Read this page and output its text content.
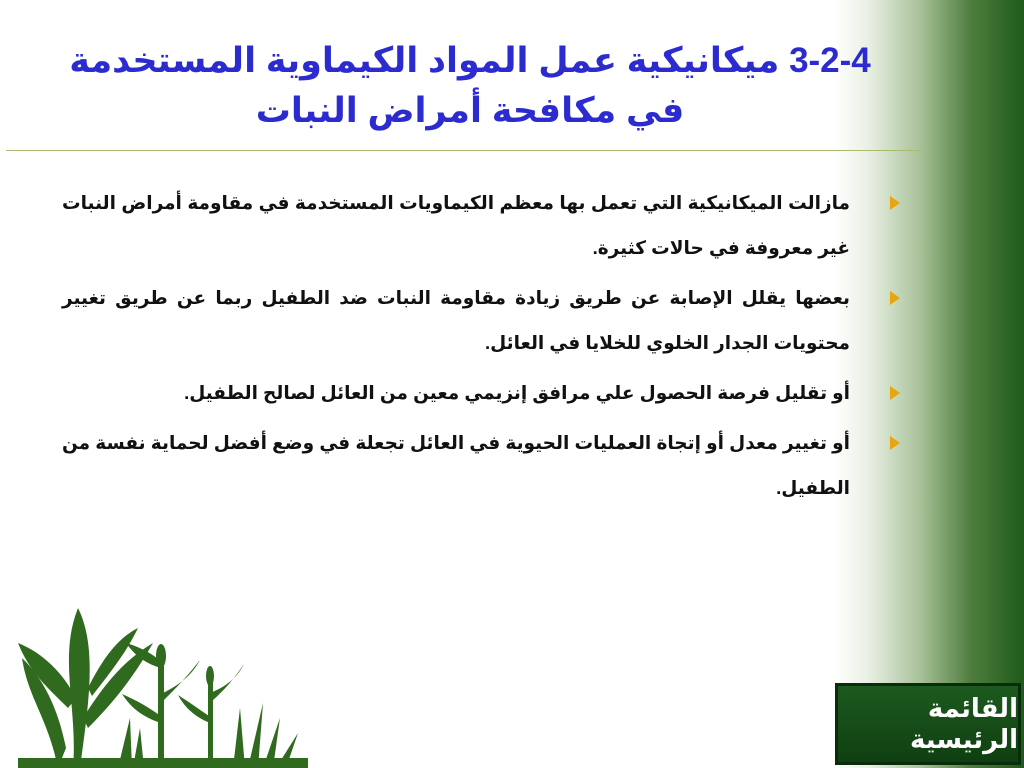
3-2-4 ميكانيكية عمل المواد الكيماوية المستخدمة في مكافحة أمراض النبات
مازالت الميكانيكية التي تعمل بها معظم الكيماويات المستخدمة في مقاومة أمراض النبات غير معروفة في حالات كثيرة.
بعضها يقلل الإصابة عن طريق زيادة مقاومة النبات ضد الطفيل ربما عن طريق تغيير محتويات الجدار الخلوي للخلايا في العائل.
أو تقليل فرصة الحصول علي مرافق إنزيمي معين من العائل لصالح الطفيل.
أو تغيير معدل أو إتجاة العمليات الحيوية في العائل تجعلة في وضع أفضل لحماية نفسة من الطفيل.
القائمة الرئيسية
